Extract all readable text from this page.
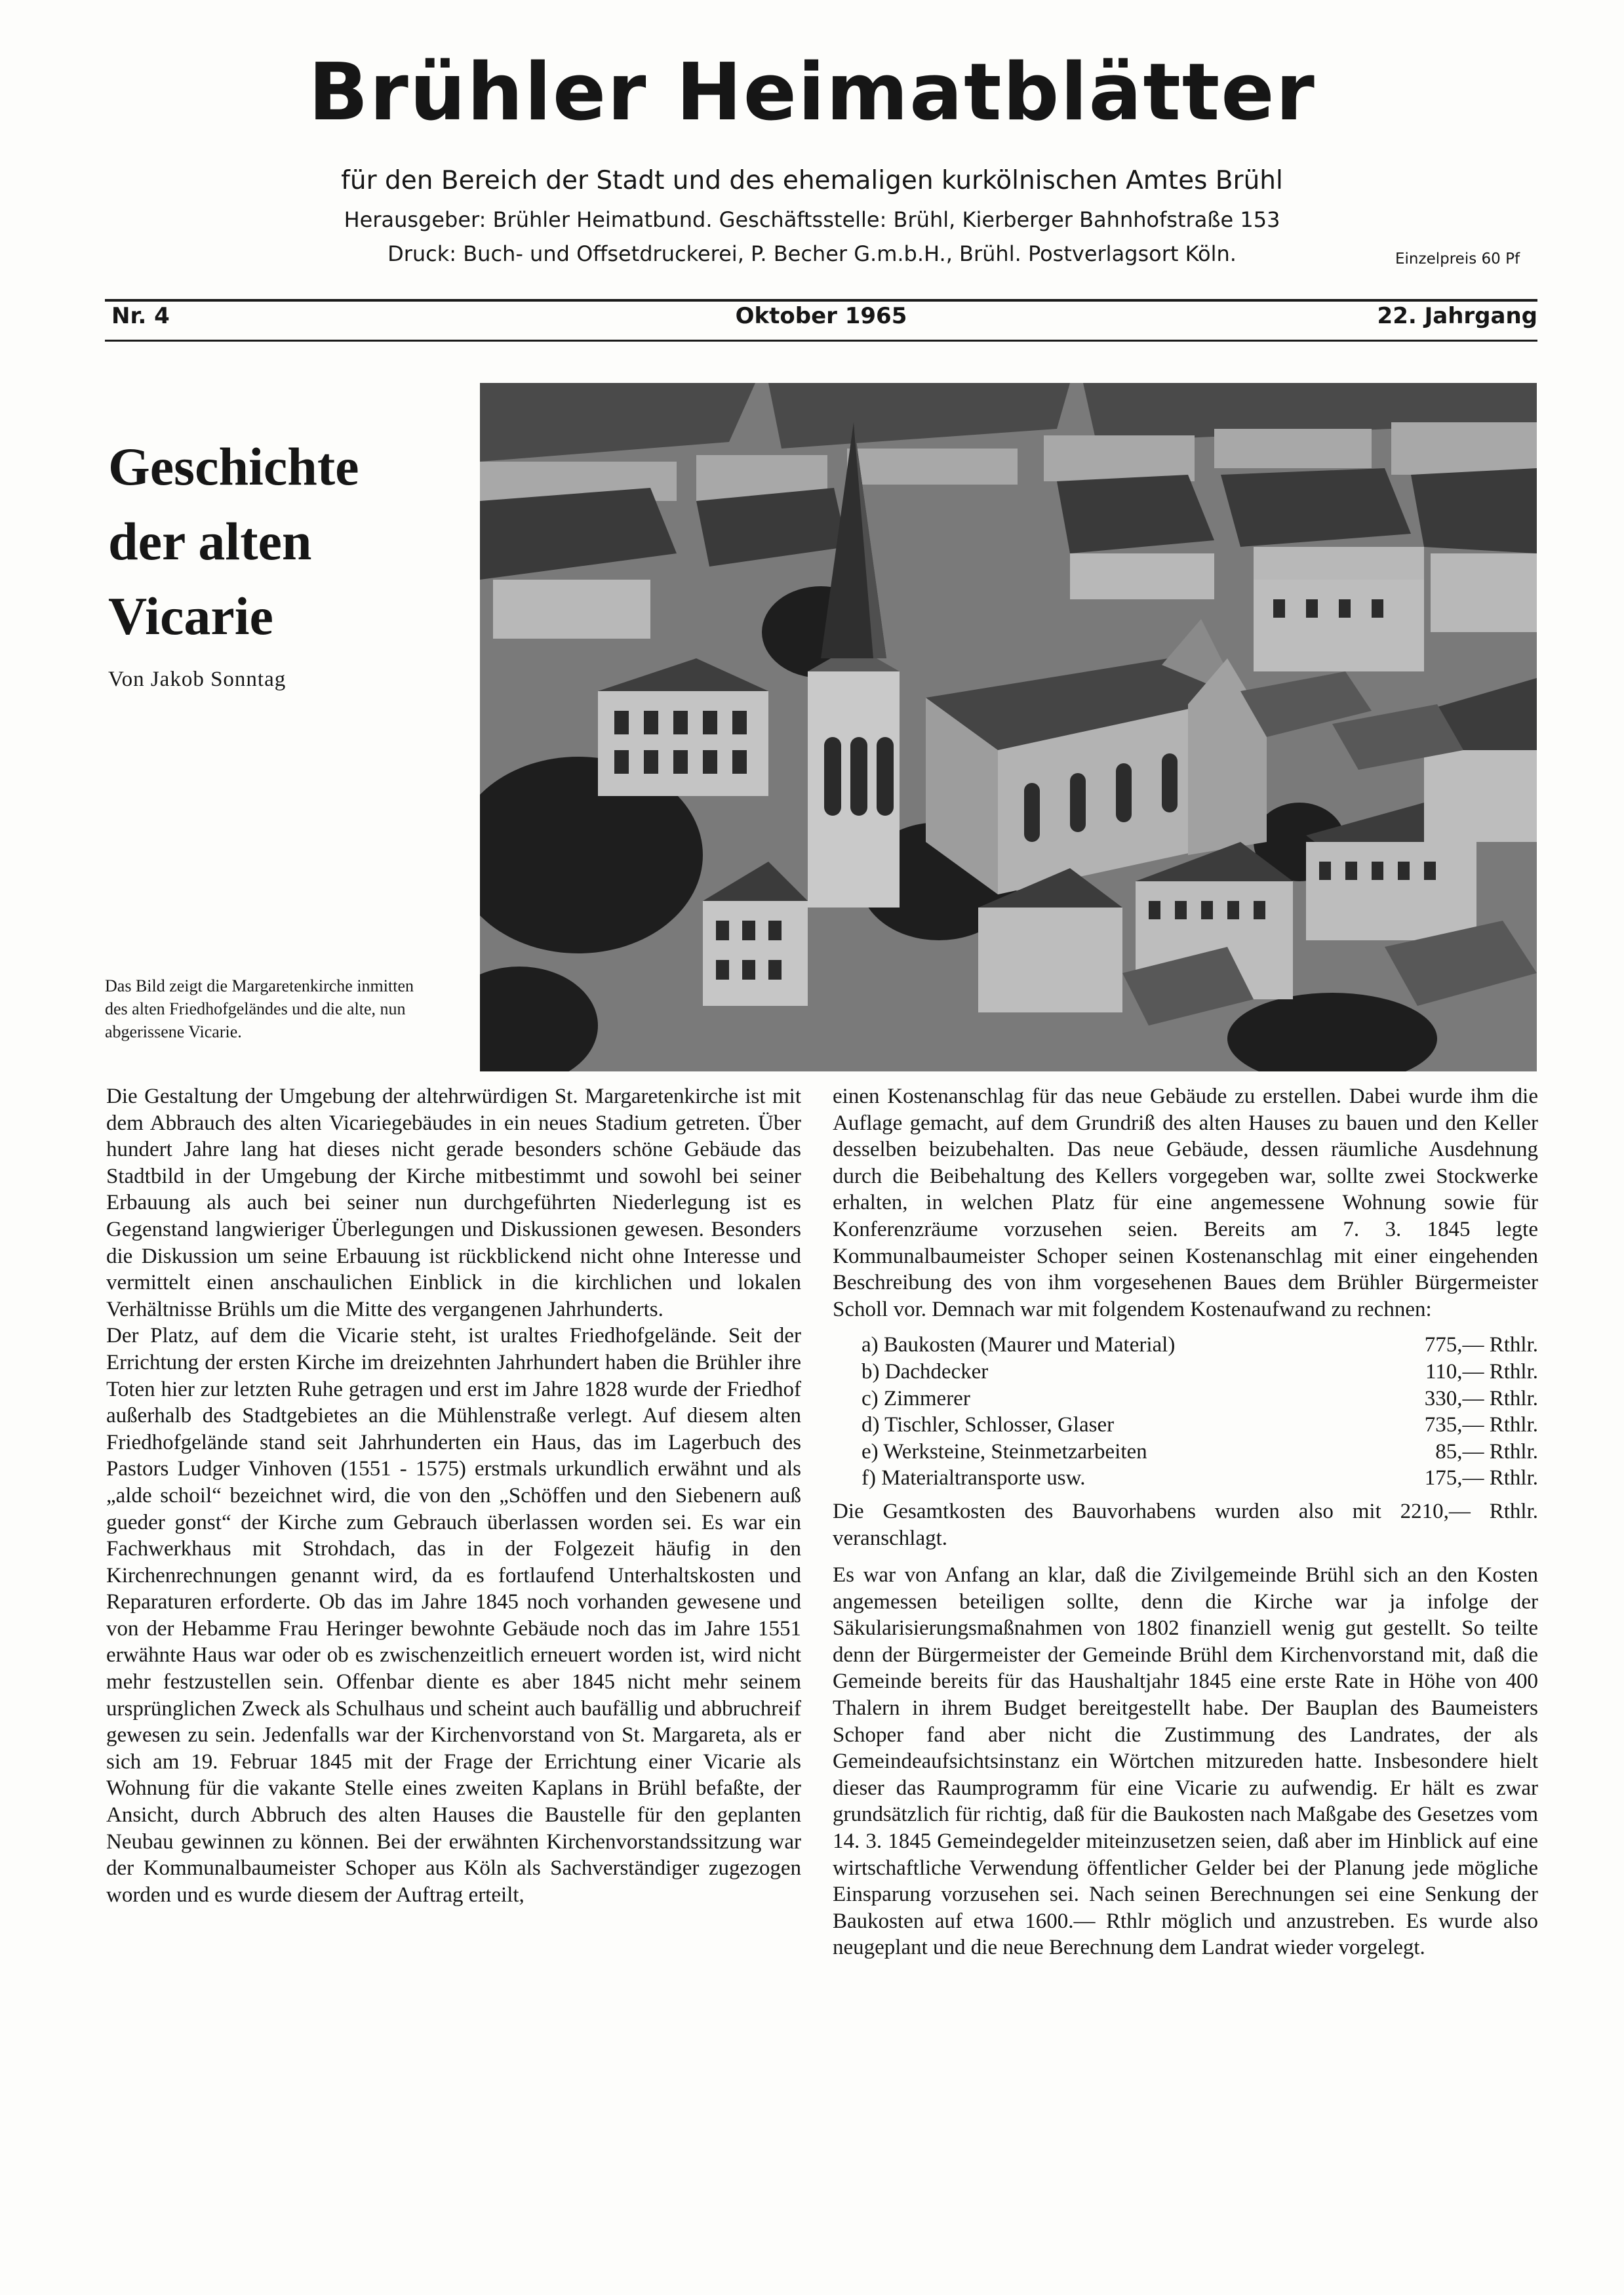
Brühler Heimatblätter

für den Bereich der Stadt und des ehemaligen kurkölnischen Amtes Brühl

Herausgeber: Brühler Heimatbund. Geschäftsstelle: Brühl, Kierberger Bahnhofstraße 153

Druck: Buch- und Offsetdruckerei, P. Becher G.m.b.H., Brühl. Postverlagsort Köln.	Einzelpreis 60 Pf

Nr. 4	Oktober 1965	22. Jahrgang
Geschichte
der alten
Vicarie

Von Jakob Sonntag

Das Bild zeigt die Margaretenkirche inmitten des alten Friedhofgeländes und die alte, nun abgerissene Vicarie.

Die Gestaltung der Umgebung der altehrwürdigen St. Margaretenkirche ist mit dem Abbrauch des alten Vicariegebäudes in ein neues Stadium getreten. Über hundert Jahre lang hat dieses nicht gerade besonders schöne Gebäude das Stadtbild in der Umgebung der Kirche mitbestimmt und sowohl bei seiner Erbauung als auch bei seiner nun durchgeführten Niederlegung ist es Gegenstand langwieriger Überlegungen und Diskussionen gewesen. Besonders die Diskussion um seine Erbauung ist rückblickend nicht ohne Interesse und vermittelt einen anschaulichen Einblick in die kirchlichen und lokalen Verhältnisse Brühls um die Mitte des vergangenen Jahrhunderts.

Der Platz, auf dem die Vicarie steht, ist uraltes Friedhofgelände. Seit der Errichtung der ersten Kirche im dreizehnten Jahrhundert haben die Brühler ihre Toten hier zur letzten Ruhe getragen und erst im Jahre 1828 wurde der Friedhof außerhalb des Stadtgebietes an die Mühlenstraße verlegt. Auf diesem alten Friedhofgelände stand seit Jahrhunderten ein Haus, das im Lagerbuch des Pastors Ludger Vinhoven (1551 - 1575) erstmals urkundlich erwähnt und als „alde schoil“ bezeichnet wird, die von den „Schöffen und den Siebenern auß gueder gonst“ der Kirche zum Gebrauch überlassen worden sei. Es war ein Fachwerkhaus mit Strohdach, das in der Folgezeit häufig in den Kirchenrechnungen genannt wird, da es fortlaufend Unterhaltskosten und Reparaturen erforderte. Ob das im Jahre 1845 noch vorhanden gewesene und von der Hebamme Frau Heringer bewohnte Gebäude noch das im Jahre 1551 erwähnte Haus war oder ob es zwischenzeitlich erneuert worden ist, wird nicht mehr festzustellen sein. Offenbar diente es aber 1845 nicht mehr seinem ursprünglichen Zweck als Schulhaus und scheint auch baufällig und abbruchreif gewesen zu sein. Jedenfalls war der Kirchenvorstand von St. Margareta, als er sich am 19. Februar 1845 mit der Frage der Errichtung einer Vicarie als Wohnung für die vakante Stelle eines zweiten Kaplans in Brühl befaßte, der Ansicht, durch Abbruch des alten Hauses die Baustelle für den geplanten Neubau gewinnen zu können. Bei der erwähnten Kirchenvorstandssitzung war der Kommunalbaumeister Schoper aus Köln als Sachverständiger zugezogen worden und es wurde diesem der Auftrag erteilt,

einen Kostenanschlag für das neue Gebäude zu erstellen. Dabei wurde ihm die Auflage gemacht, auf dem Grundriß des alten Hauses zu bauen und den Keller desselben beizubehalten. Das neue Gebäude, dessen räumliche Ausdehnung durch die Beibehaltung des Kellers vorgegeben war, sollte zwei Stockwerke erhalten, in welchen Platz für eine angemessene Wohnung sowie für Konferenzräume vorzusehen seien. Bereits am 7. 3. 1845 legte Kommunalbaumeister Schoper seinen Kostenanschlag mit einer eingehenden Beschreibung des von ihm vorgesehenen Baues dem Brühler Bürgermeister Scholl vor. Demnach war mit folgendem Kostenaufwand zu rechnen:

a) Baukosten (Maurer und Material)	775,— Rthlr.
b) Dachdecker	110,— Rthlr.
c) Zimmerer	330,— Rthlr.
d) Tischler, Schlosser, Glaser	735,— Rthlr.
e) Werksteine, Steinmetzarbeiten	85,— Rthlr.
f) Materialtransporte usw.	175,— Rthlr.

Die Gesamtkosten des Bauvorhabens wurden also mit 2210,— Rthlr. veranschlagt.

Es war von Anfang an klar, daß die Zivilgemeinde Brühl sich an den Kosten angemessen beteiligen sollte, denn die Kirche war ja infolge der Säkularisierungsmaßnahmen von 1802 finanziell wenig gut gestellt. So teilte denn der Bürgermeister der Gemeinde Brühl dem Kirchenvorstand mit, daß die Gemeinde bereits für das Haushaltjahr 1845 eine erste Rate in Höhe von 400 Thalern in ihrem Budget bereitgestellt habe. Der Bauplan des Baumeisters Schoper fand aber nicht die Zustimmung des Landrates, der als Gemeindeaufsichtsinstanz ein Wörtchen mitzureden hatte. Insbesondere hielt dieser das Raumprogramm für eine Vicarie zu aufwendig. Er hält es zwar grundsätzlich für richtig, daß für die Baukosten nach Maßgabe des Gesetzes vom 14. 3. 1845 Gemeindegelder miteinzusetzen seien, daß aber im Hinblick auf eine wirtschaftliche Verwendung öffentlicher Gelder bei der Planung jede mögliche Einsparung vorzusehen sei. Nach seinen Berechnungen sei eine Senkung der Baukosten auf etwa 1600.— Rthlr möglich und anzustreben. Es wurde also neugeplant und die neue Berechnung dem Landrat wieder vorgelegt.
